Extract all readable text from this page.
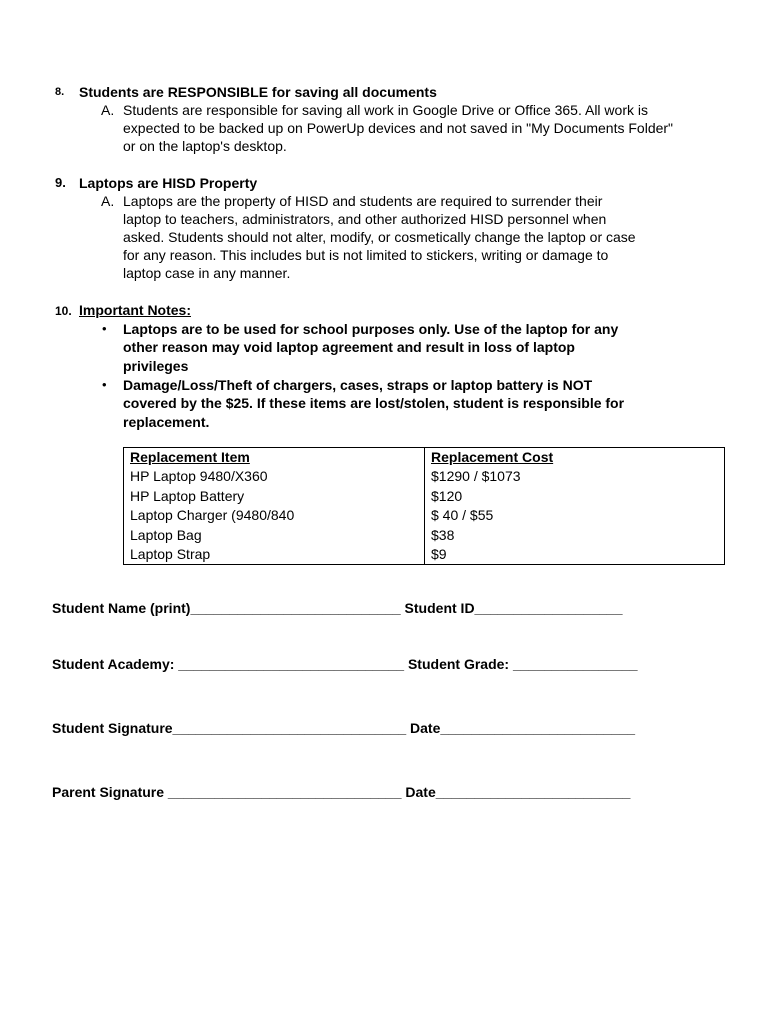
8. Students are RESPONSIBLE for saving all documents
A. Students are responsible for saving all work in Google Drive or Office 365. All work is
expected to be backed up on PowerUp devices and not saved in "My Documents Folder"
or on the laptop's desktop.
9. Laptops are HISD Property
A. Laptops are the property of HISD and students are required to surrender their
laptop to teachers, administrators, and other authorized HISD personnel when
asked. Students should not alter, modify, or cosmetically change the laptop or case
for any reason. This includes but is not limited to stickers, writing or damage to
laptop case in any manner.
10. Important Notes:
• Laptops are to be used for school purposes only. Use of the laptop for any
other reason may void laptop agreement and result in loss of laptop
privileges
• Damage/Loss/Theft of chargers, cases, straps or laptop battery is NOT
covered by the $25. If these items are lost/stolen, student is responsible for
replacement.
Replacement Item	Replacement Cost
HP Laptop 9480/X360	$1290 / $1073
HP Laptop Battery	$120
Laptop Charger (9480/840	$ 40 / $55
Laptop Bag	$38
Laptop Strap	$9
Student Name (print)___________________________ Student ID___________________
Student Academy: _____________________________ Student Grade: ________________
Student Signature______________________________ Date_________________________
Parent Signature ______________________________ Date_________________________
